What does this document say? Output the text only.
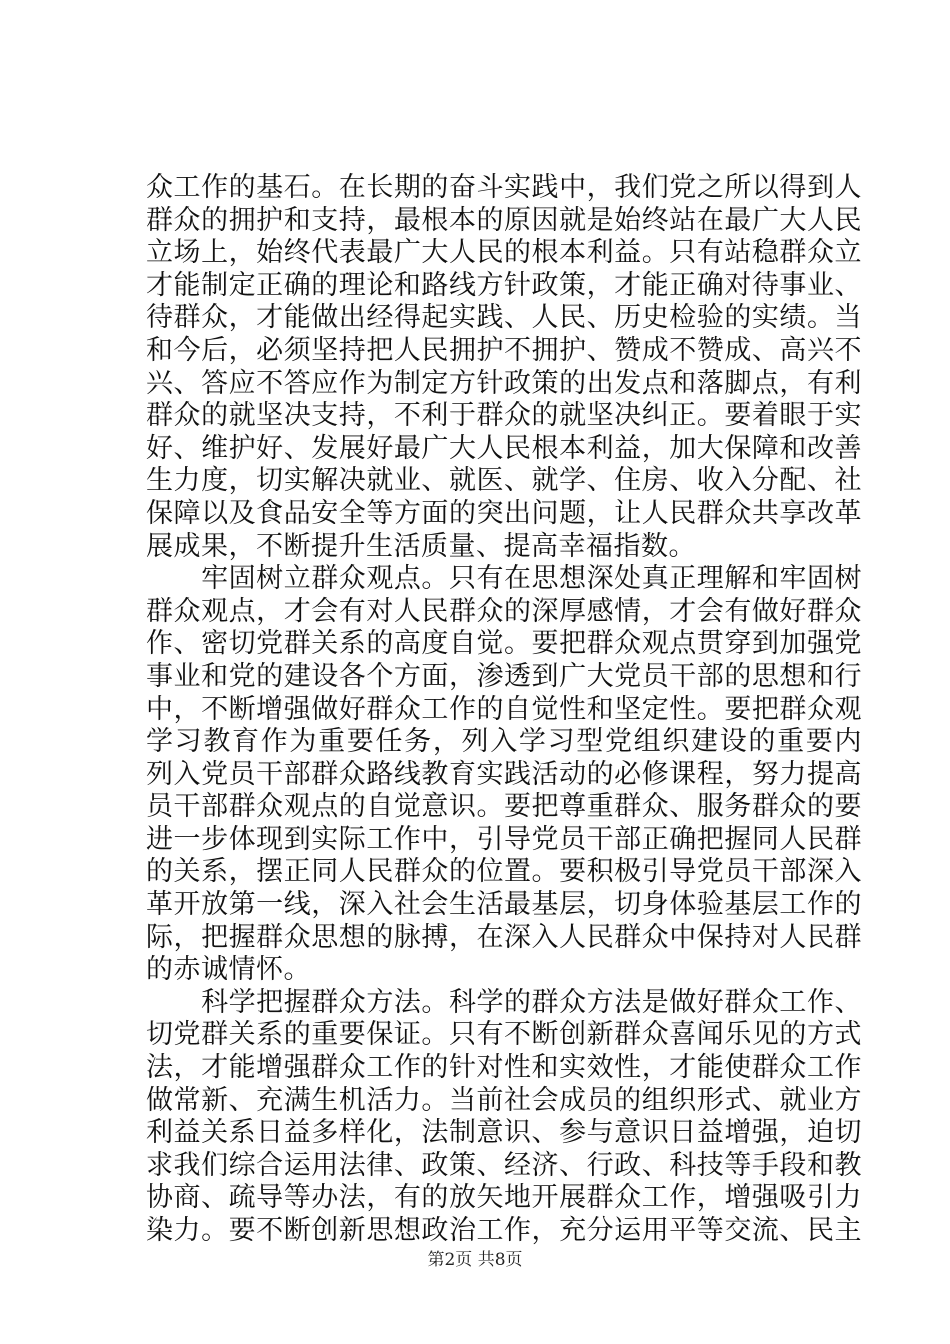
众工作的基石。在长期的奋斗实践中，我们党之所以得到人
群众的拥护和支持，最根本的原因就是始终站在最广大人民
立场上，始终代表最广大人民的根本利益。只有站稳群众立
才能制定正确的理论和路线方针政策，才能正确对待事业、
待群众，才能做出经得起实践、人民、历史检验的实绩。当
和今后，必须坚持把人民拥护不拥护、赞成不赞成、高兴不
兴、答应不答应作为制定方针政策的出发点和落脚点，有利
群众的就坚决支持，不利于群众的就坚决纠正。要着眼于实
好、维护好、发展好最广大人民根本利益，加大保障和改善
生力度，切实解决就业、就医、就学、住房、收入分配、社
保障以及食品安全等方面的突出问题，让人民群众共享改革
展成果，不断提升生活质量、提高幸福指数。
　　牢固树立群众观点。只有在思想深处真正理解和牢固树
群众观点，才会有对人民群众的深厚感情，才会有做好群众
作、密切党群关系的高度自觉。要把群众观点贯穿到加强党
事业和党的建设各个方面，渗透到广大党员干部的思想和行
中，不断增强做好群众工作的自觉性和坚定性。要把群众观
学习教育作为重要任务，列入学习型党组织建设的重要内
列入党员干部群众路线教育实践活动的必修课程，努力提高
员干部群众观点的自觉意识。要把尊重群众、服务群众的要
进一步体现到实际工作中，引导党员干部正确把握同人民群
的关系，摆正同人民群众的位置。要积极引导党员干部深入
革开放第一线，深入社会生活最基层，切身体验基层工作的
际，把握群众思想的脉搏，在深入人民群众中保持对人民群
的赤诚情怀。
　　科学把握群众方法。科学的群众方法是做好群众工作、
切党群关系的重要保证。只有不断创新群众喜闻乐见的方式
法，才能增强群众工作的针对性和实效性，才能使群众工作
做常新、充满生机活力。当前社会成员的组织形式、就业方
利益关系日益多样化，法制意识、参与意识日益增强，迫切
求我们综合运用法律、政策、经济、行政、科技等手段和教
协商、疏导等办法，有的放矢地开展群众工作，增强吸引力
染力。要不断创新思想政治工作，充分运用平等交流、民主
第2页 共8页
